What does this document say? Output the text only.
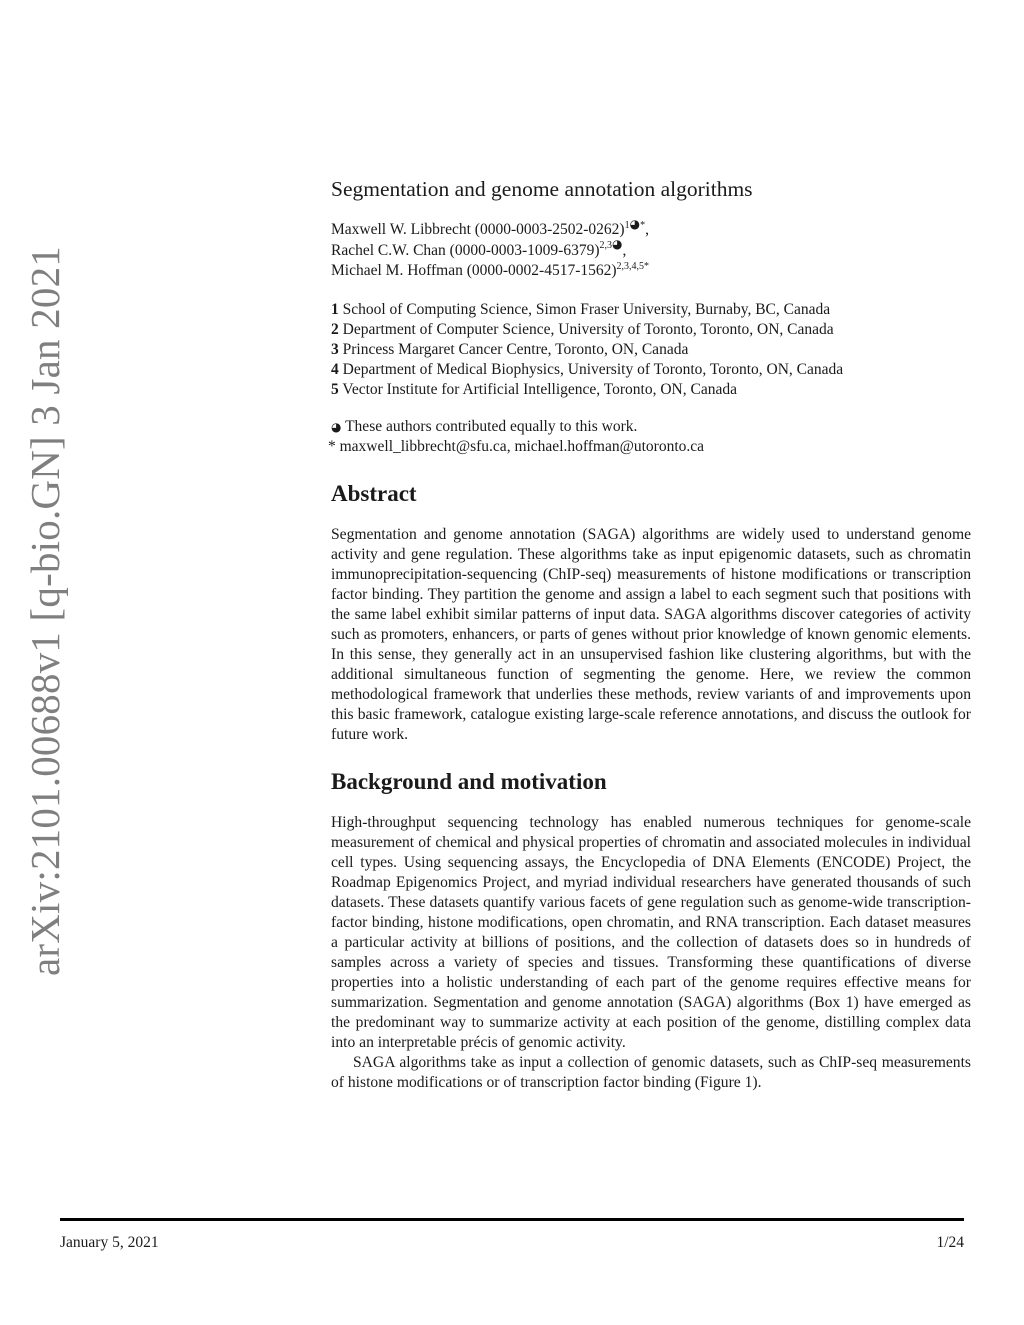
arXiv:2101.00688v1 [q-bio.GN] 3 Jan 2021
Segmentation and genome annotation algorithms
Maxwell W. Libbrecht $(0000-0003-2502-0262)^{1◕*}$,
Rachel C.W. Chan $(0000-0003-1009-6379)^{2,3◕}$,
Michael M. Hoffman $(0000-0002-4517-1562)^{2,3,4,5*}$
1 School of Computing Science, Simon Fraser University, Burnaby, BC, Canada
2 Department of Computer Science, University of Toronto, Toronto, ON, Canada
3 Princess Margaret Cancer Centre, Toronto, ON, Canada
4 Department of Medical Biophysics, University of Toronto, Toronto, ON, Canada
5 Vector Institute for Artificial Intelligence, Toronto, ON, Canada
◕ These authors contributed equally to this work.
* maxwell_libbrecht@sfu.ca, michael.hoffman@utoronto.ca
Abstract

Segmentation and genome annotation (SAGA) algorithms are widely used to understand genome activity and gene regulation. These algorithms take as input epigenomic datasets, such as chromatin immunoprecipitation-sequencing (ChIP-seq) measurements of histone modifications or transcription factor binding. They partition the genome and assign a label to each segment such that positions with the same label exhibit similar patterns of input data. SAGA algorithms discover categories of activity such as promoters, enhancers, or parts of genes without prior knowledge of known genomic elements. In this sense, they generally act in an unsupervised fashion like clustering algorithms, but with the additional simultaneous function of segmenting the genome. Here, we review the common methodological framework that underlies these methods, review variants of and improvements upon this basic framework, catalogue existing large-scale reference annotations, and discuss the outlook for future work.

Background and motivation

High-throughput sequencing technology has enabled numerous techniques for genome-scale measurement of chemical and physical properties of chromatin and associated molecules in individual cell types. Using sequencing assays, the Encyclopedia of DNA Elements (ENCODE) Project, the Roadmap Epigenomics Project, and myriad individual researchers have generated thousands of such datasets. These datasets quantify various facets of gene regulation such as genome-wide transcription-factor binding, histone modifications, open chromatin, and RNA transcription. Each dataset measures a particular activity at billions of positions, and the collection of datasets does so in hundreds of samples across a variety of species and tissues. Transforming these quantifications of diverse properties into a holistic understanding of each part of the genome requires effective means for summarization. Segmentation and genome annotation (SAGA) algorithms (Box 1) have emerged as the predominant way to summarize activity at each position of the genome, distilling complex data into an interpretable précis of genomic activity.

SAGA algorithms take as input a collection of genomic datasets, such as ChIP-seq measurements of histone modifications or of transcription factor binding (Figure 1).

January 5, 2021	1/24
